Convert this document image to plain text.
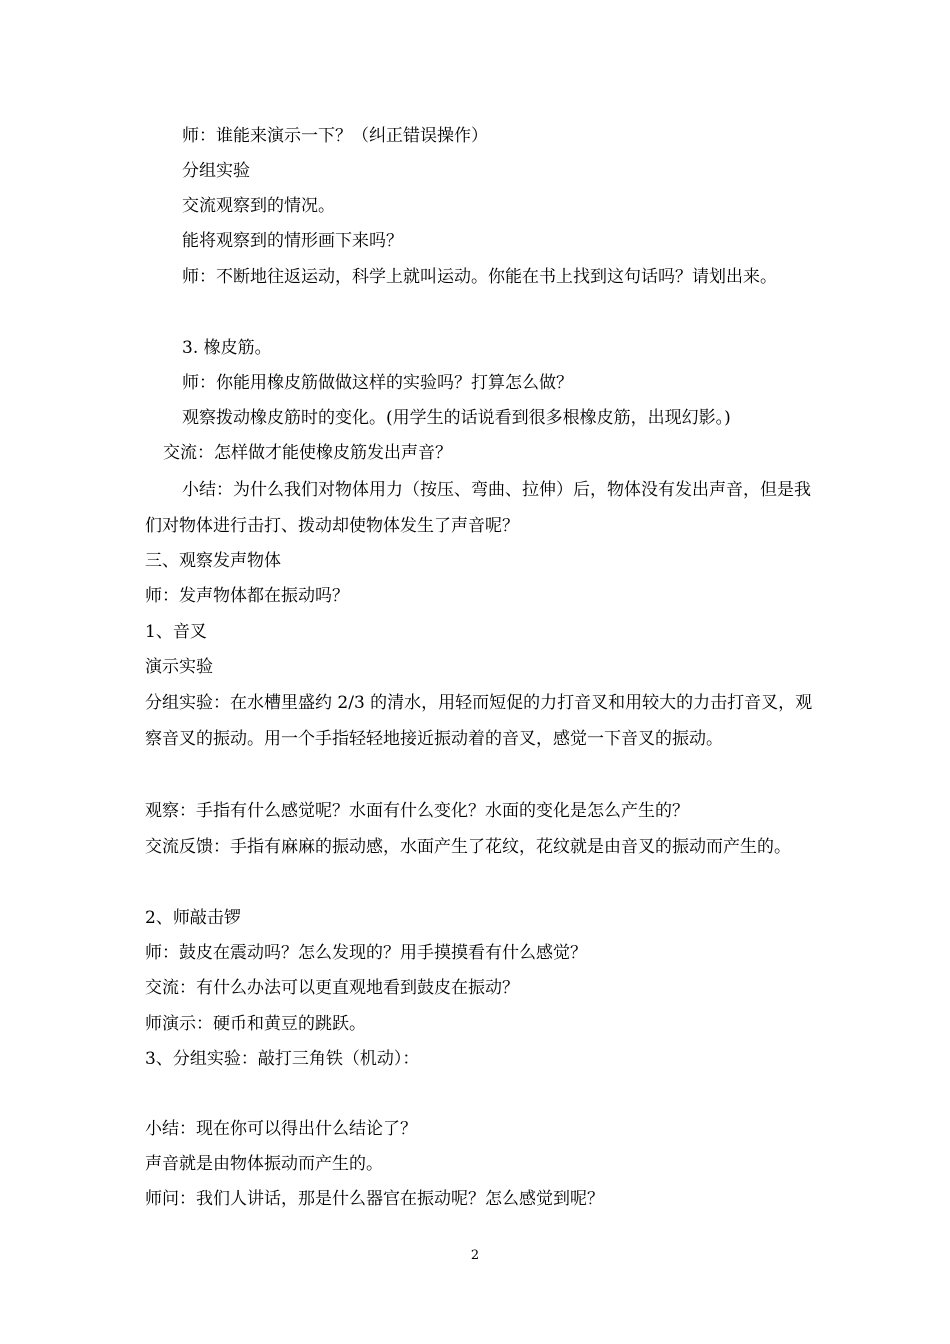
师：谁能来演示一下？（纠正错误操作）
分组实验
交流观察到的情况。
能将观察到的情形画下来吗？
师：不断地往返运动，科学上就叫运动。你能在书上找到这句话吗？请划出来。
3. 橡皮筋。
师：你能用橡皮筋做做这样的实验吗？打算怎么做？
观察拨动橡皮筋时的变化。(用学生的话说看到很多根橡皮筋，出现幻影。)
交流：怎样做才能使橡皮筋发出声音？
小结：为什么我们对物体用力（按压、弯曲、拉伸）后，物体没有发出声音，但是我们对物体进行击打、拨动却使物体发生了声音呢？
三、观察发声物体
师：发声物体都在振动吗？
1、音叉
演示实验
分组实验：在水槽里盛约 2/3 的清水，用轻而短促的力打音叉和用较大的力击打音叉，观察音叉的振动。用一个手指轻轻地接近振动着的音叉，感觉一下音叉的振动。
观察：手指有什么感觉呢？水面有什么变化？水面的变化是怎么产生的？
交流反馈：手指有麻麻的振动感，水面产生了花纹，花纹就是由音叉的振动而产生的。
2、师敲击锣
师：鼓皮在震动吗？怎么发现的？用手摸摸看有什么感觉？
交流：有什么办法可以更直观地看到鼓皮在振动？
师演示：硬币和黄豆的跳跃。
3、分组实验：敲打三角铁（机动）：
小结：现在你可以得出什么结论了？
声音就是由物体振动而产生的。
师问：我们人讲话，那是什么器官在振动呢？怎么感觉到呢？
2
